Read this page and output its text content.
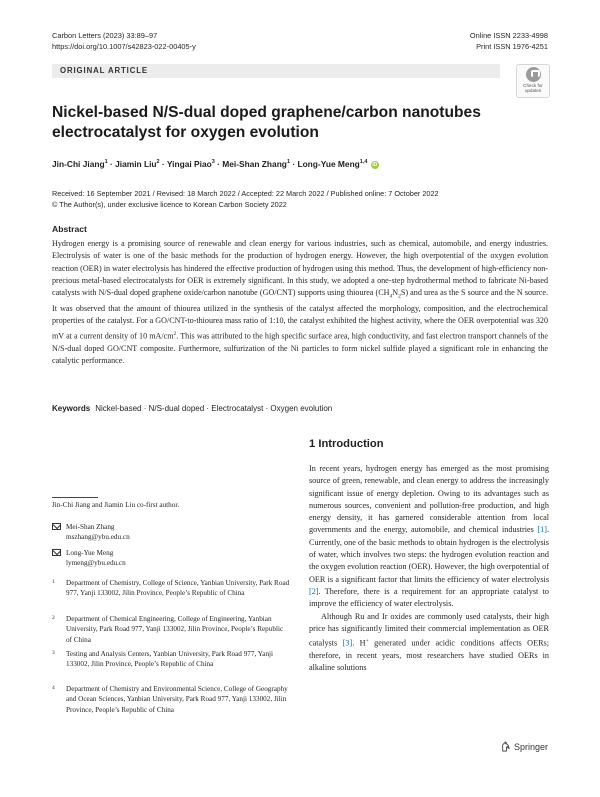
Carbon Letters (2023) 33:89–97
https://doi.org/10.1007/s42823-022-00405-y
Online ISSN 2233-4998
Print ISSN 1976-4251
ORIGINAL ARTICLE
Check for
updates
Nickel-based N/S-dual doped graphene/carbon nanotubes electrocatalyst for oxygen evolution
Jin-Chi Jiang$^1$ · Jiamin Liu$^2$ · Yingai Piao$^3$ · Mei-Shan Zhang$^1$ · Long-Yue Meng$^{1,4}$ iD
Received: 16 September 2021 / Revised: 18 March 2022 / Accepted: 22 March 2022 / Published online: 7 October 2022
© The Author(s), under exclusive licence to Korean Carbon Society 2022
Abstract
Hydrogen energy is a promising source of renewable and clean energy for various industries, such as chemical, automobile, and energy industries. Electrolysis of water is one of the basic methods for the production of hydrogen energy. However, the high overpotential of the oxygen evolution reaction (OER) in water electrolysis has hindered the effective production of hydrogen using this method. Thus, the development of high-efficiency non-precious metal-based electrocatalysts for OER is extremely significant. In this study, we adopted a one-step hydrothermal method to fabricate Ni-based catalysts with N/S-dual doped graphene oxide/carbon nanotube (GO/CNT) supports using thiourea $(CH_4N_2S)$ and urea as the S source and the N source. It was observed that the amount of thiourea utilized in the synthesis of the catalyst affected the morphology, composition, and the electrochemical properties of the catalyst. For a GO/CNT-to-thiourea mass ratio of 1:10, the catalyst exhibited the highest activity, where the OER overpotential was 320 mV at a current density of 10 $mA/cm^2$. This was attributed to the high specific surface area, high conductivity, and fast electron transport channels of the N/S-dual doped GO/CNT composite. Furthermore, sulfurization of the Ni particles to form nickel sulfide played a significant role in enhancing the catalytic performance.
Keywords Nickel-based · N/S-dual doped · Electrocatalyst · Oxygen evolution
Jin-Chi Jiang and Jiamin Liu co-first author.
Mei-Shan Zhang
mszhang@ybu.edu.cn
Long-Yue Meng
lymeng@ybu.edu.cn
1	Department of Chemistry, College of Science, Yanbian University, Park Road 977, Yanji 133002, Jilin Province, People’s Republic of China
2	Department of Chemical Engineering, College of Engineering, Yanbian University, Park Road 977, Yanji 133002, Jilin Province, People’s Republic of China
3	Testing and Analysis Centers, Yanbian University, Park Road 977, Yanji 133002, Jilin Province, People’s Republic of China
4	Department of Chemistry and Environmental Science, College of Geography and Ocean Sciences, Yanbian University, Park Road 977, Yanji 133002, Jilin Province, People’s Republic of China
1 Introduction

In recent years, hydrogen energy has emerged as the most promising source of green, renewable, and clean energy to address the increasingly significant issue of energy depletion. Owing to its advantages such as numerous sources, convenient and pollution-free production, and high energy density, it has garnered considerable attention from local governments and the energy, automobile, and chemical industries [1]. Currently, one of the basic methods to obtain hydrogen is the electrolysis of water, which involves two steps: the hydrogen evolution reaction and the oxygen evolution reaction (OER). However, the high overpotential of OER is a significant factor that limits the efficiency of water electrolysis [2]. Therefore, there is a requirement for an appropriate catalyst to improve the efficiency of water electrolysis.

Although Ru and Ir oxides are commonly used catalysts, their high price has significantly limited their commercial implementation as OER catalysts [3]. H+ generated under acidic conditions affects OERs; therefore, in recent years, most researchers have studied OERs in alkaline solutions

Springer
